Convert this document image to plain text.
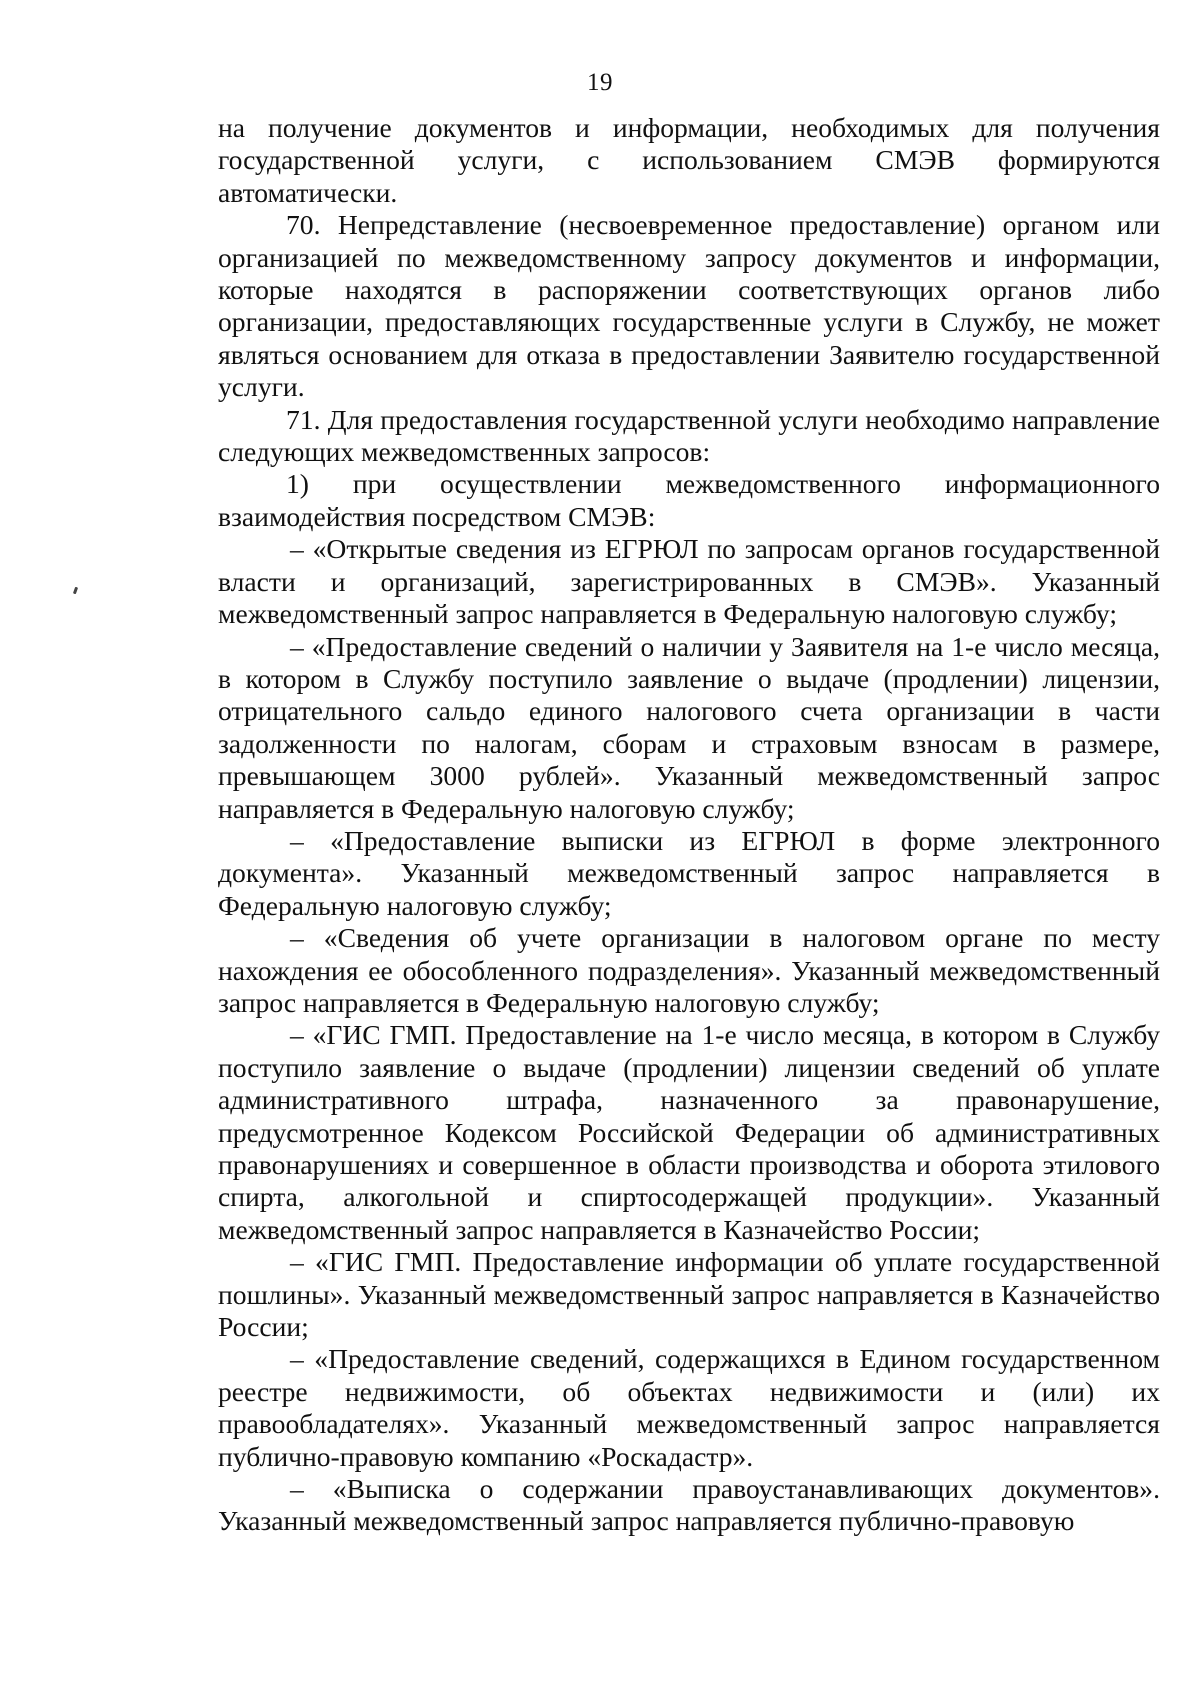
19

на получение документов и информации, необходимых для получения государственной услуги, с использованием СМЭВ формируются автоматически.

70. Непредставление (несвоевременное предоставление) органом или организацией по межведомственному запросу документов и информации, которые находятся в распоряжении соответствующих органов либо организации, предоставляющих государственные услуги в Службу, не может являться основанием для отказа в предоставлении Заявителю государственной услуги.

71. Для предоставления государственной услуги необходимо направление следующих межведомственных запросов:

1) при осуществлении межведомственного информационного взаимодействия посредством СМЭВ:

– «Открытые сведения из ЕГРЮЛ по запросам органов государственной власти и организаций, зарегистрированных в СМЭВ». Указанный межведомственный запрос направляется в Федеральную налоговую службу;

– «Предоставление сведений о наличии у Заявителя на 1-е число месяца, в котором в Службу поступило заявление о выдаче (продлении) лицензии, отрицательного сальдо единого налогового счета организации в части задолженности по налогам, сборам и страховым взносам в размере, превышающем 3000 рублей». Указанный межведомственный запрос направляется в Федеральную налоговую службу;

– «Предоставление выписки из ЕГРЮЛ в форме электронного документа». Указанный межведомственный запрос направляется в Федеральную налоговую службу;

– «Сведения об учете организации в налоговом органе по месту нахождения ее обособленного подразделения». Указанный межведомственный запрос направляется в Федеральную налоговую службу;

– «ГИС ГМП. Предоставление на 1-е число месяца, в котором в Службу поступило заявление о выдаче (продлении) лицензии сведений об уплате административного штрафа, назначенного за правонарушение, предусмотренное Кодексом Российской Федерации об административных правонарушениях и совершенное в области производства и оборота этилового спирта, алкогольной и спиртосодержащей продукции». Указанный межведомственный запрос направляется в Казначейство России;

– «ГИС ГМП. Предоставление информации об уплате государственной пошлины». Указанный межведомственный запрос направляется в Казначейство России;

– «Предоставление сведений, содержащихся в Едином государственном реестре недвижимости, об объектах недвижимости и (или) их правообладателях». Указанный межведомственный запрос направляется публично-правовую компанию «Роскадастр».

– «Выписка о содержании правоустанавливающих документов». Указанный межведомственный запрос направляется публично-правовую
